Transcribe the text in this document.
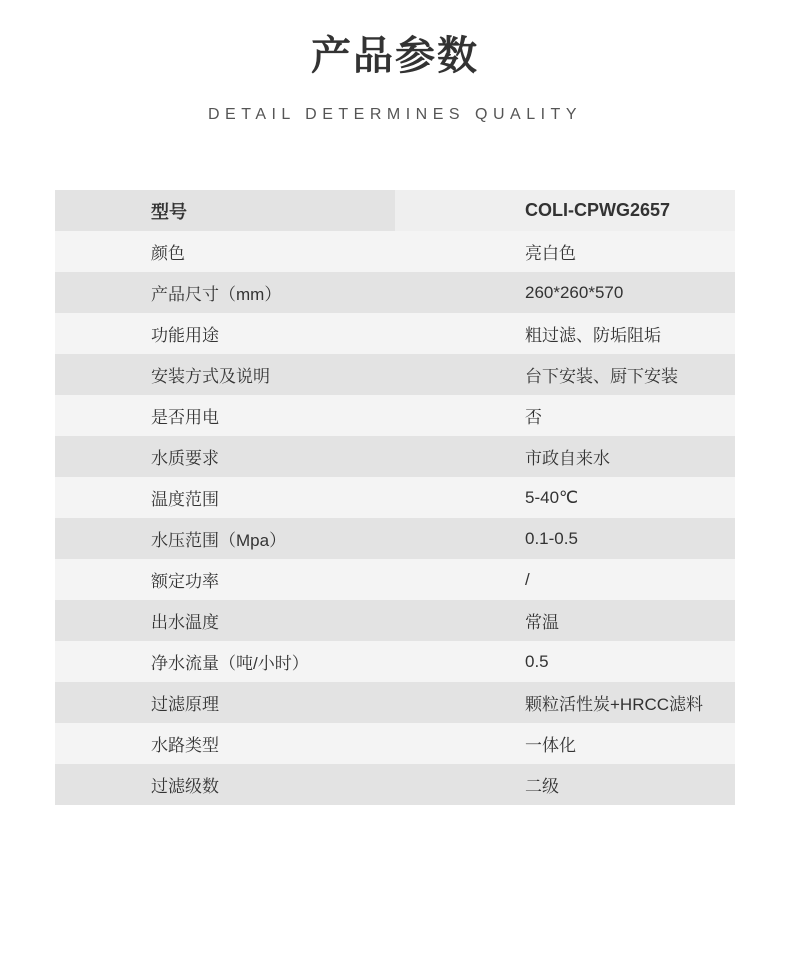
产品参数
DETAIL DETERMINES QUALITY
型号	COLI-CPWG2657
颜色	亮白色
产品尺寸（mm）	260*260*570
功能用途	粗过滤、防垢阻垢
安装方式及说明	台下安装、厨下安装
是否用电	否
水质要求	市政自来水
温度范围	5-40℃
水压范围（Mpa）	0.1-0.5
额定功率	/
出水温度	常温
净水流量（吨/小时）	0.5
过滤原理	颗粒活性炭+HRCC滤料
水路类型	一体化
过滤级数	二级
